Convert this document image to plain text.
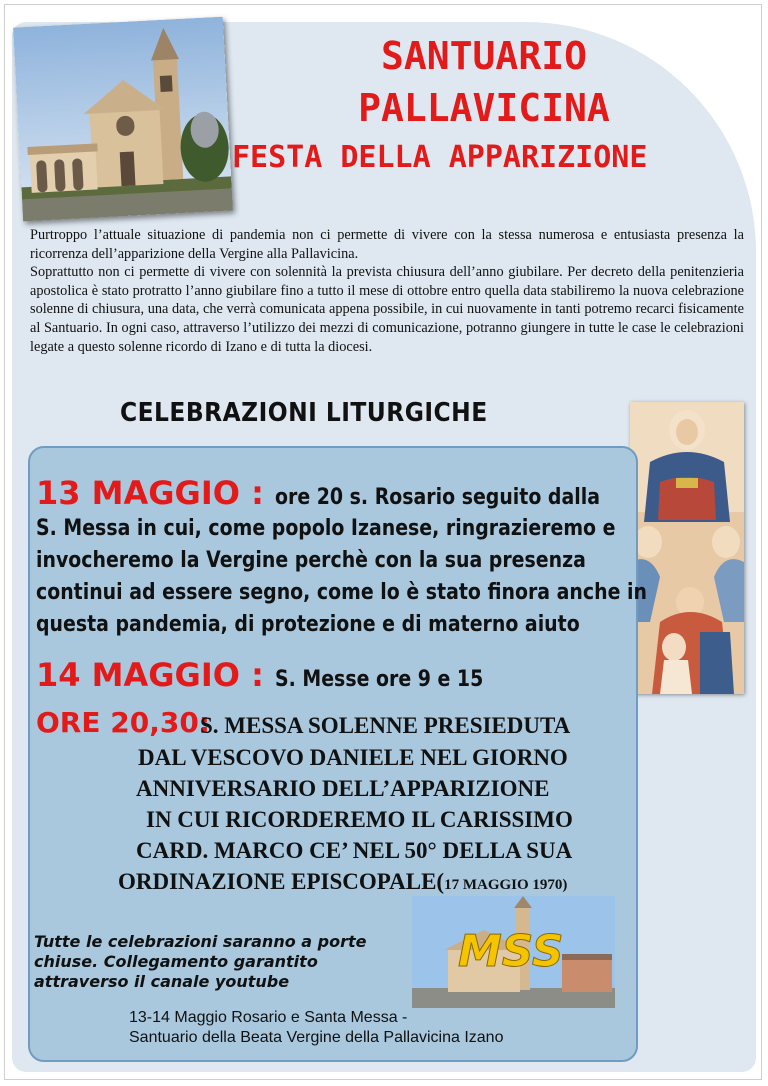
SANTUARIO
PALLAVICINA
FESTA DELLA APPARIZIONE

Purtroppo l’attuale situazione di pandemia non ci permette di vivere con la stessa numerosa e entusiasta presenza la ricorrenza dell’apparizione della Vergine alla Pallavicina.

Soprattutto non ci permette di vivere con solennità la prevista chiusura dell’anno giubilare. Per decreto della penitenzieria apostolica è stato protratto l’anno giubilare fino a tutto il mese di ottobre entro quella data stabiliremo la nuova celebrazione solenne di chiusura, una data, che verrà comunicata appena possibile, in cui nuovamente in tanti potremo recarci fisicamente al Santuario. In ogni caso, attraverso l’utilizzo dei mezzi di comunicazione, potranno giungere in tutte le case le celebrazioni legate a questo solenne ricordo di Izano e di tutta la diocesi.

CELEBRAZIONI LITURGICHE
13 MAGGIO : ore 20 s. Rosario seguito dalla
S. Messa in cui, come popolo Izanese, ringrazieremo e
invocheremo la Vergine perchè con la sua presenza
continui ad essere segno, come lo è stato finora anche in
questa pandemia, di protezione e di materno aiuto
14 MAGGIO : S. Messe ore 9 e 15
ORE 20,30:
S. MESSA SOLENNE PRESIEDUTA
DAL VESCOVO DANIELE NEL GIORNO
ANNIVERSARIO DELL’APPARIZIONE
IN CUI RICORDEREMO IL CARISSIMO
CARD. MARCO CE’ NEL 50° DELLA SUA
ORDINAZIONE EPISCOPALE(17 MAGGIO 1970)
Tutte le celebrazioni saranno a porte
chiuse. Collegamento garantito
attraverso il canale youtube
MSS
13-14 Maggio Rosario e Santa Messa -
Santuario della Beata Vergine della Pallavicina Izano
